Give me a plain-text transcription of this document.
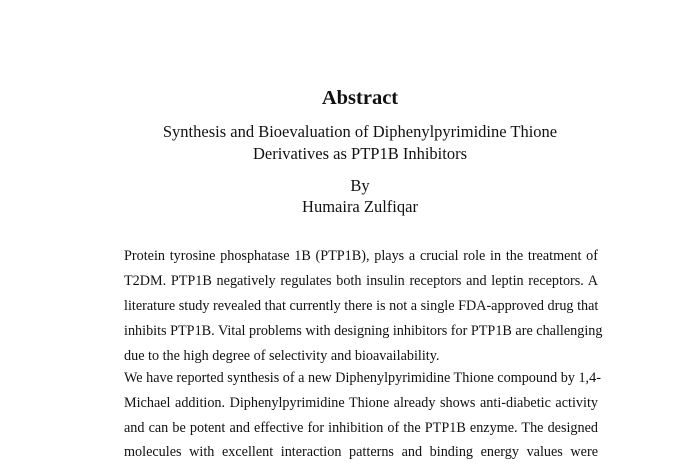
Abstract
Synthesis and Bioevaluation of Diphenylpyrimidine Thione
Derivatives as PTP1B Inhibitors
By
Humaira Zulfiqar

Protein tyrosine phosphatase 1B (PTP1B), plays a crucial role in the treatment of

T2DM. PTP1B negatively regulates both insulin receptors and leptin receptors. A

literature study revealed that currently there is not a single FDA-approved drug that

inhibits PTP1B. Vital problems with designing inhibitors for PTP1B are challenging

due to the high degree of selectivity and bioavailability.

We have reported synthesis of a new Diphenylpyrimidine Thione compound by 1,4-

Michael addition. Diphenylpyrimidine Thione already shows anti-diabetic activity

and can be potent and effective for inhibition of the PTP1B enzyme. The designed

molecules with excellent interaction patterns and binding energy values were
